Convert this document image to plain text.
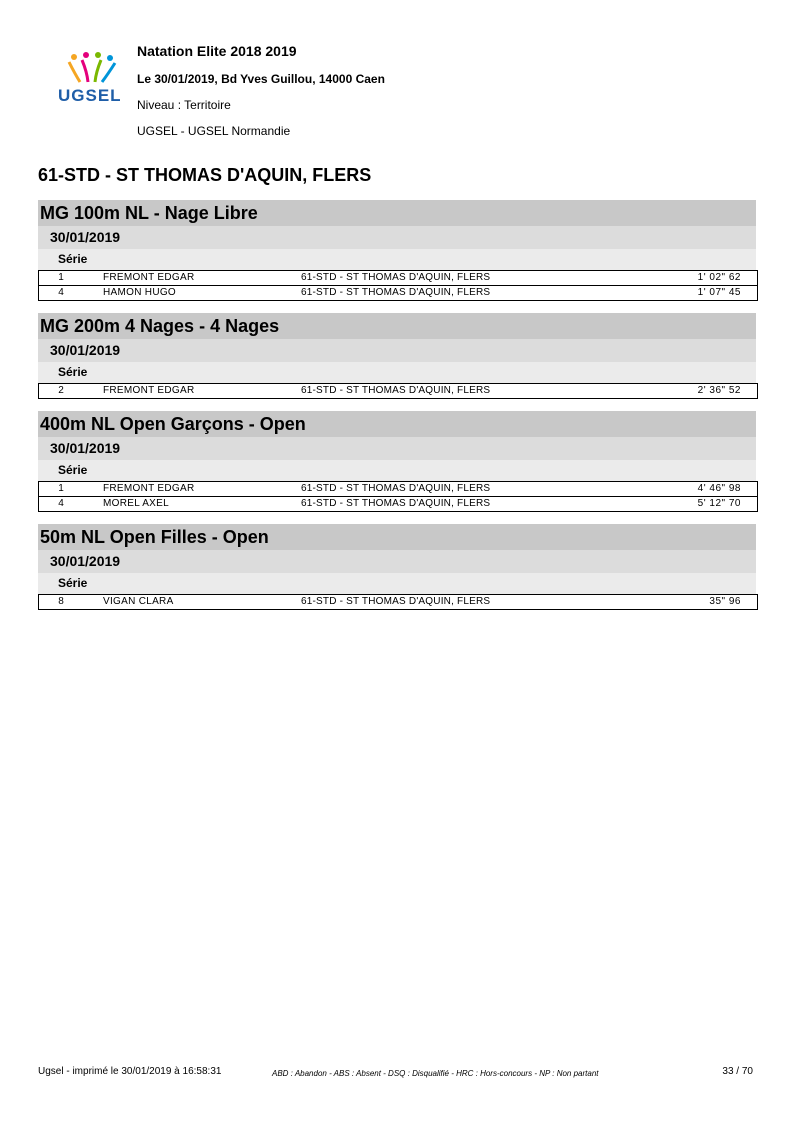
UGSEL
Natation Elite 2018 2019
Le 30/01/2019, Bd Yves Guillou, 14000 Caen
Niveau : Territoire
UGSEL - UGSEL Normandie
61-STD - ST THOMAS D'AQUIN, FLERS
MG 100m NL - Nage Libre
30/01/2019
Série
1	FREMONT EDGAR	61-STD - ST THOMAS D'AQUIN, FLERS	1' 02" 62	
4	HAMON HUGO	61-STD - ST THOMAS D'AQUIN, FLERS	1' 07" 45	
MG 200m 4 Nages - 4 Nages
30/01/2019
Série
2	FREMONT EDGAR	61-STD - ST THOMAS D'AQUIN, FLERS	2' 36" 52	
400m NL Open Garçons - Open
30/01/2019
Série
1	FREMONT EDGAR	61-STD - ST THOMAS D'AQUIN, FLERS	4' 46" 98	
4	MOREL AXEL	61-STD - ST THOMAS D'AQUIN, FLERS	5' 12" 70	
50m NL Open Filles - Open
30/01/2019
Série
8	VIGAN CLARA	61-STD - ST THOMAS D'AQUIN, FLERS	35" 96	
Ugsel - imprimé le 30/01/2019 à 16:58:31	ABD : Abandon - ABS : Absent - DSQ : Disqualifié - HRC : Hors-concours - NP : Non partant	33 / 70
